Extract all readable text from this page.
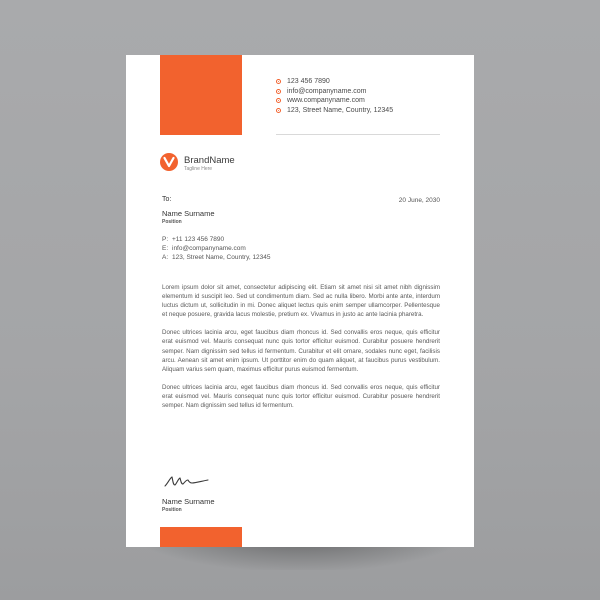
123 456 7890
info@companyname.com
www.companyname.com
123, Street Name, Country, 12345
BrandName
Tagline Here
To:	20 June, 2030
Name Surname
Position
P: +11 123 456 7890
E: info@companyname.com
A: 123, Street Name, Country, 12345

Lorem ipsum dolor sit amet, consectetur adipiscing elit. Etiam sit amet nisi sit amet nibh dignissim elementum id suscipit leo. Sed ut condimentum diam. Sed ac nulla libero. Morbi ante ante, interdum luctus dictum ut, sollicitudin in mi. Donec aliquet lectus quis enim semper ullamcorper. Pellentesque et neque posuere, gravida lacus molestie, pretium ex. Vivamus in justo ac ante lacinia pharetra.

Donec ultrices lacinia arcu, eget faucibus diam rhoncus id. Sed convallis eros neque, quis efficitur erat euismod vel. Mauris consequat nunc quis tortor efficitur euismod. Curabitur posuere hendrerit semper. Nam dignissim sed tellus id fermentum. Curabitur et elit ornare, sodales nunc eget, facilisis arcu. Aenean sit amet enim ipsum. Ut porttitor enim do quam aliquet, at faucibus purus vestibulum. Aliquam varius sem quam, maximus efficitur purus euismod fermentum.

Donec ultrices lacinia arcu, eget faucibus diam rhoncus id. Sed convallis eros neque, quis efficitur erat euismod vel. Mauris consequat nunc quis tortor efficitur euismod. Curabitur posuere hendrerit semper. Nam dignissim sed tellus id fermentum.

Name Surname
Position
